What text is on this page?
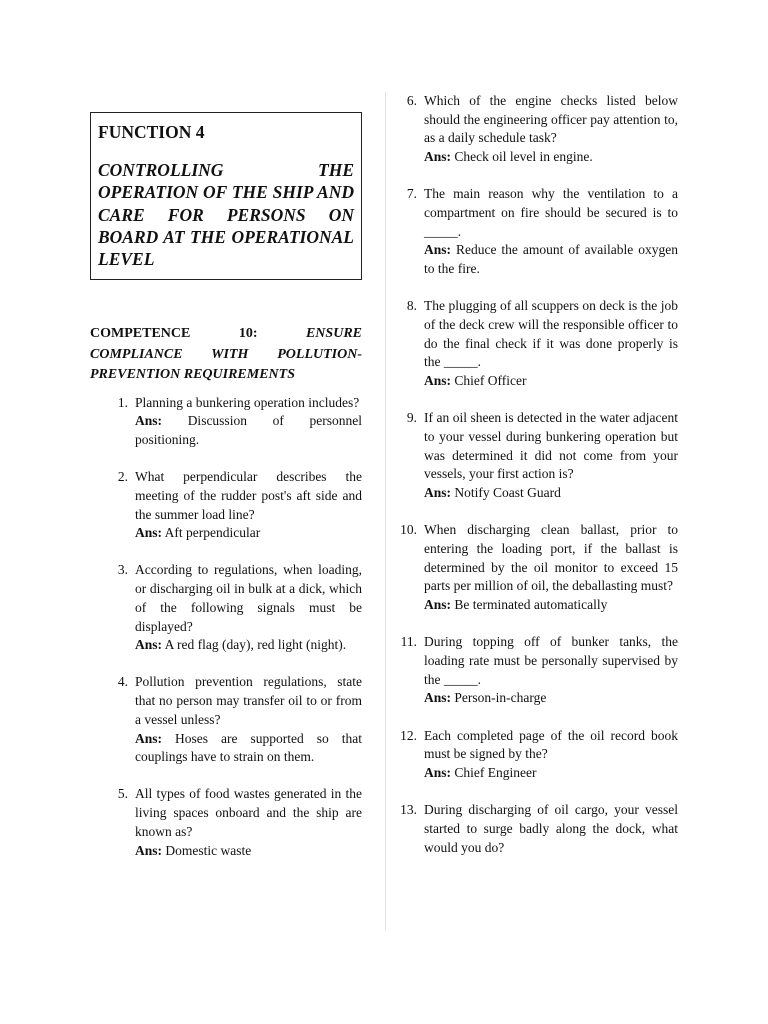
FUNCTION 4
CONTROLLING THE OPERATION OF THE SHIP AND CARE FOR PERSONS ON BOARD AT THE OPERATIONAL LEVEL
COMPETENCE 10:	ENSURE COMPLIANCE WITH POLLUTION-PREVENTION REQUIREMENTS
1. Planning a bunkering operation includes?
Ans: Discussion of personnel positioning.
2. What perpendicular describes the meeting of the rudder post's aft side and the summer load line?
Ans: Aft perpendicular
3. According to regulations, when loading, or discharging oil in bulk at a dick, which of the following signals must be displayed?
Ans: A red flag (day), red light (night).
4. Pollution prevention regulations, state that no person may transfer oil to or from a vessel unless?
Ans: Hoses are supported so that couplings have to strain on them.
5. All types of food wastes generated in the living spaces onboard and the ship are known as?
Ans: Domestic waste
6. Which of the engine checks listed below should the engineering officer pay attention to, as a daily schedule task?
Ans: Check oil level in engine.
7. The main reason why the ventilation to a compartment on fire should be secured is to _____.
Ans: Reduce the amount of available oxygen to the fire.
8. The plugging of all scuppers on deck is the job of the deck crew will the responsible officer to do the final check if it was done properly is the _____.
Ans: Chief Officer
9. If an oil sheen is detected in the water adjacent to your vessel during bunkering operation but was determined it did not come from your vessels, your first action is?
Ans: Notify Coast Guard
10. When discharging clean ballast, prior to entering the loading port, if the ballast is determined by the oil monitor to exceed 15 parts per million of oil, the deballasting must?
Ans: Be terminated automatically
11. During topping off of bunker tanks, the loading rate must be personally supervised by the _____.
Ans: Person-in-charge
12. Each completed page of the oil record book must be signed by the?
Ans: Chief Engineer
13. During discharging of oil cargo, your vessel started to surge badly along the dock, what would you do?
